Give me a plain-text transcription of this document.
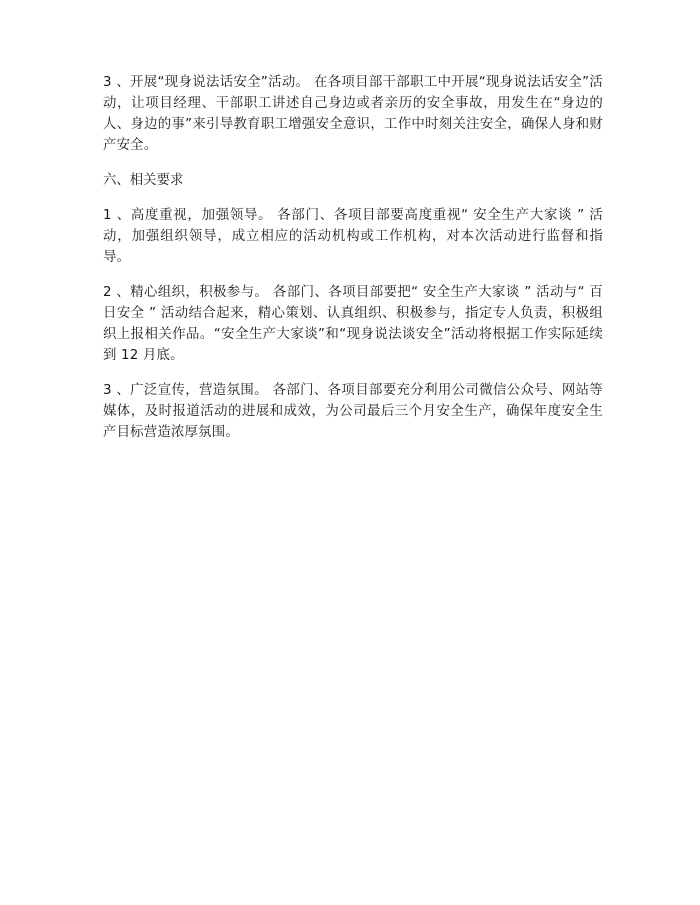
3 、开展“现身说法话安全”活动。 在各项目部干部职工中开展“现身说法话安全”活动，让项目经理、干部职工讲述自己身边或者亲历的安全事故，用发生在“身边的人、身边的事”来引导教育职工增强安全意识，工作中时刻关注安全，确保人身和财产安全。

六、相关要求

1 、高度重视，加强领导。 各部门、各项目部要高度重视“ 安全生产大家谈 ” 活动，加强组织领导，成立相应的活动机构或工作机构，对本次活动进行监督和指导。

2 、精心组织，积极参与。 各部门、各项目部要把“ 安全生产大家谈 ” 活动与“ 百日安全 ” 活动结合起来，精心策划、认真组织、积极参与，指定专人负责，积极组织上报相关作品。“安全生产大家谈”和“现身说法谈安全”活动将根据工作实际延续到 12 月底。

3 、广泛宣传，营造氛围。 各部门、各项目部要充分利用公司微信公众号、网站等媒体，及时报道活动的进展和成效，为公司最后三个月安全生产，确保年度安全生产目标营造浓厚氛围。
